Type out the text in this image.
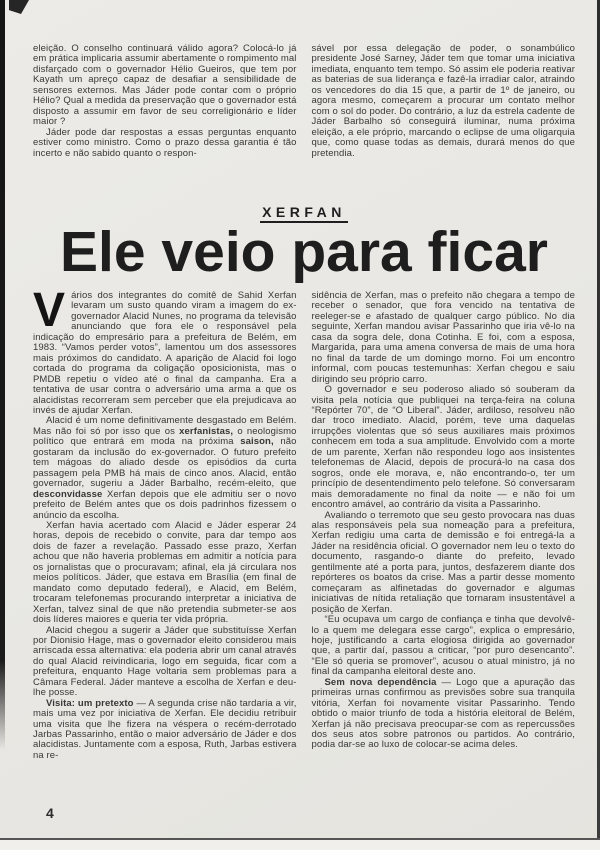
eleição. O conselho continuará válido agora? Colocá-lo já em prática implicaria assumir abertamente o rompimento mal disfarçado com o governador Hélio Gueiros, que tem por Kayath um apreço capaz de desafiar a sensibilidade de sensores externos. Mas Jáder pode contar com o próprio Hélio? Qual a medida da preservação que o governador está disposto a assumir em favor de seu correligionário e líder maior ?

Jáder pode dar respostas a essas perguntas enquanto estiver como ministro. Como o prazo dessa garantia é tão incerto e não sabido quanto o respon-

sável por essa delegação de poder, o sonambúlico presidente José Sarney, Jáder tem que tomar uma iniciativa imediata, enquanto tem tempo. Só assim ele poderia reativar as baterias de sua liderança e fazê-la irradiar calor, atraindo os vencedores do dia 15 que, a partir de 1º de janeiro, ou agora mesmo, começarem a procurar um contato melhor com o sol do poder. Do contrário, a luz da estrela cadente de Jáder Barbalho só conseguirá iluminar, numa próxima eleição, a ele próprio, marcando o eclipse de uma oligarquia que, como quase todas as demais, durará menos do que pretendia.

XERFAN
Ele veio para ficar

Vários dos integrantes do comitê de Sahid Xerfan levaram um susto quando viram a imagem do ex-governador Alacid Nunes, no programa da televisão anunciando que fora ele o responsável pela indicação do empresário para a prefeitura de Belém, em 1983. “Vamos perder votos”, lamentou um dos assessores mais próximos do candidato. A aparição de Alacid foi logo cortada do programa da coligação oposicionista, mas o PMDB repetiu o vídeo até o final da campanha. Era a tentativa de usar contra o adversário uma arma a que os alacidistas recorreram sem perceber que ela prejudicava ao invés de ajudar Xerfan.

Alacid é um nome definitivamente desgastado em Belém. Mas não foi só por isso que os xerfanistas, o neologismo político que entrará em moda na próxima saison, não gostaram da inclusão do ex-governador. O futuro prefeito tem mágoas do aliado desde os episódios da curta passagem pela PMB há mais de cinco anos. Alacid, então governador, sugeriu a Jáder Barbalho, recém-eleito, que desconvidasse Xerfan depois que ele admitiu ser o novo prefeito de Belém antes que os dois padrinhos fizessem o anúncio da escolha.

Xerfan havia acertado com Alacid e Jáder esperar 24 horas, depois de recebido o convite, para dar tempo aos dois de fazer a revelação. Passado esse prazo, Xerfan achou que não haveria problemas em admitir a notícia para os jornalistas que o procuravam; afinal, ela já circulara nos meios políticos. Jáder, que estava em Brasília (em final de mandato como deputado federal), e Alacid, em Belém, trocaram telefonemas procurando interpretar a iniciativa de Xerfan, talvez sinal de que não pretendia submeter-se aos dois líderes maiores e queria ter vida própria.

Alacid chegou a sugerir a Jáder que substituísse Xerfan por Dionisio Hage, mas o governador eleito considerou mais arriscada essa alternativa: ela poderia abrir um canal através do qual Alacid reivindicaria, logo em seguida, ficar com a prefeitura, enquanto Hage voltaria sem problemas para a Câmara Federal. Jáder manteve a escolha de Xerfan e deu-lhe posse.

Visita: um pretexto — A segunda crise não tardaria a vir, mais uma vez por iniciativa de Xerfan. Ele decidiu retribuir uma visita que lhe fizera na véspera o recém-derrotado Jarbas Passarinho, então o maior adversário de Jáder e dos alacidistas. Juntamente com a esposa, Ruth, Jarbas estivera na re-

sidência de Xerfan, mas o prefeito não chegara a tempo de receber o senador, que fora vencido na tentativa de reeleger-se e afastado de qualquer cargo público. No dia seguinte, Xerfan mandou avisar Passarinho que iria vê-lo na casa da sogra dele, dona Cotinha. E foi, com a esposa, Margarida, para uma amena conversa de mais de uma hora no final da tarde de um domingo morno. Foi um encontro informal, com poucas testemunhas: Xerfan chegou e saiu dirigindo seu próprio carro.

O governador e seu poderoso aliado só souberam da visita pela notícia que publiquei na terça-feira na coluna “Repórter 70”, de “O Liberal”. Jáder, ardiloso, resolveu não dar troco imediato. Alacid, porém, teve uma daquelas irrupções violentas que só seus auxiliares mais próximos conhecem em toda a sua amplitude. Envolvido com a morte de um parente, Xerfan não respondeu logo aos insistentes telefonemas de Alacid, depois de procurá-lo na casa dos sogros, onde ele morava, e, não encontrando-o, ter um princípio de desentendimento pelo telefone. Só conversaram mais demoradamente no final da noite — e não foi um encontro amável, ao contrário da visita a Passarinho.

Avaliando o terremoto que seu gesto provocara nas duas alas responsáveis pela sua nomeação para a prefeitura, Xerfan redigiu uma carta de demissão e foi entregá-la a Jáder na residência oficial. O governador nem leu o texto do documento, rasgando-o diante do prefeito, levado gentilmente até a porta para, juntos, desfazerem diante dos repórteres os boatos da crise. Mas a partir desse momento começaram as alfinetadas do governador e algumas iniciativas de nítida retaliação que tornaram insustentável a posição de Xerfan.

“Eu ocupava um cargo de confiança e tinha que devolvê-lo a quem me delegara esse cargo”, explica o empresário, hoje, justificando a carta elogiosa dirigida ao governador que, a partir daí, passou a criticar, “por puro desencanto”. “Ele só queria se promover”, acusou o atual ministro, já no final da campanha eleitoral deste ano.

Sem nova dependência — Logo que a apuração das primeiras urnas confirmou as previsões sobre sua tranquila vitória, Xerfan foi novamente visitar Passarinho. Tendo obtido o maior triunfo de toda a história eleitoral de Belém, Xerfan já não precisava preocupar-se com as repercussões dos seus atos sobre patronos ou partidos. Ao contrário, podia dar-se ao luxo de colocar-se acima deles.

4
